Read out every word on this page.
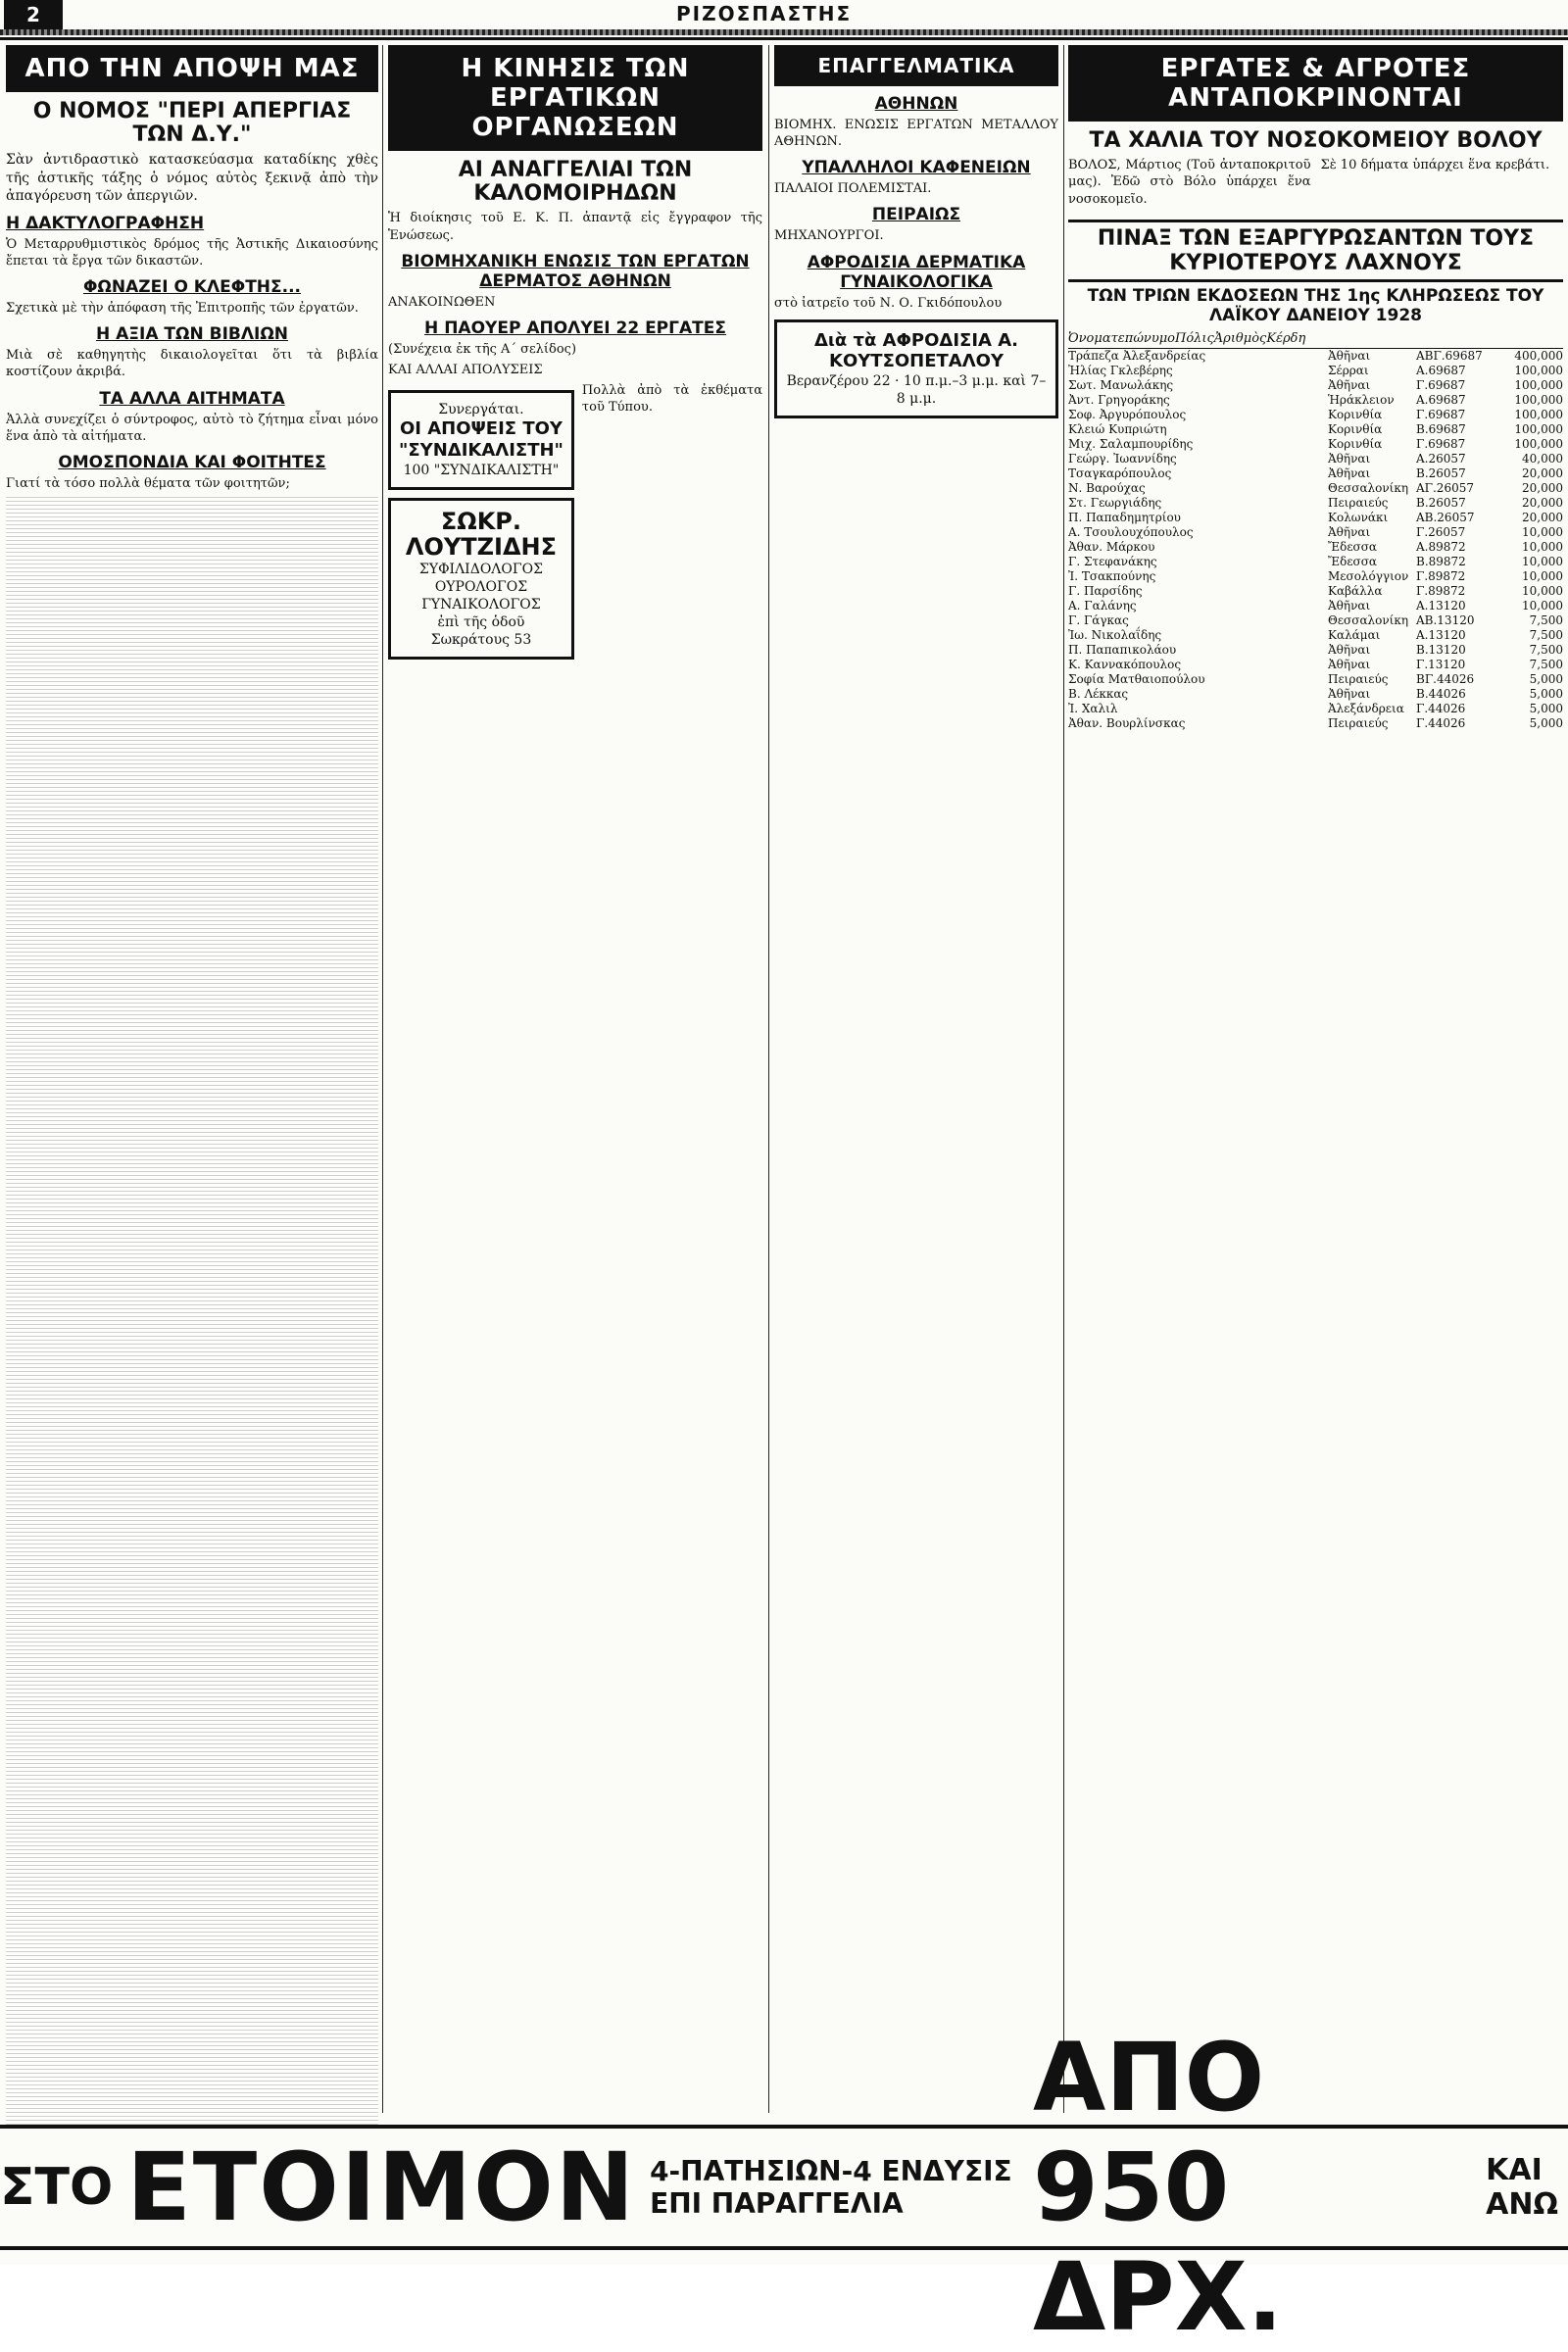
2	ΡΙΖΟΣΠΑΣΤΗΣ
ΑΠΟ ΤΗΝ ΑΠΟΨΗ ΜΑΣ
Ο ΝΟΜΟΣ "ΠΕΡΙ ΑΠΕΡΓΙΑΣ ΤΩΝ Δ.Υ."

Σὰν ἀντιδραστικὸ κατασκεύασμα καταδίκης χθὲς τῆς ἀστικῆς τάξης ὁ νόμος αὐτὸς ξεκινᾷ ἀπὸ τὴν ἀπαγόρευση τῶν ἀπεργιῶν.

Η ΔΑΚΤΥΛΟΓΡΑΦΗΣΗ

Ὁ Μεταρρυθμιστικὸς δρόμος τῆς Ἀστικῆς Δικαιοσύνης ἔπεται τὰ ἔργα τῶν δικαστῶν.

ΦΩΝΑΖΕΙ Ο ΚΛΕΦΤΗΣ...

Σχετικὰ μὲ τὴν ἀπόφαση τῆς Ἐπιτροπῆς τῶν ἐργατῶν.

Η ΑΞΙΑ ΤΩΝ ΒΙΒΛΙΩΝ

Μιὰ σὲ καθηγητὴς δικαιολογεῖται ὅτι τὰ βιβλία κοστίζουν ἀκριβά.

ΤΑ ΑΛΛΑ ΑΙΤΗΜΑΤΑ

Ἀλλὰ συνεχίζει ὁ σύντροφος, αὐτὸ τὸ ζήτημα εἶναι μόνο ἕνα ἀπὸ τὰ αἰτήματα.

ΟΜΟΣΠΟΝΔΙΑ ΚΑΙ ΦΟΙΤΗΤΕΣ

Γιατί τὰ τόσο πολλὰ θέματα τῶν φοιτητῶν;

Η ΚΙΝΗΣΙΣ ΤΩΝ ΕΡΓΑΤΙΚΩΝ ΟΡΓΑΝΩΣΕΩΝ
ΑΙ ΑΝΑΓΓΕΛΙΑΙ ΤΩΝ ΚΑΛΟΜΟΙΡΗΔΩΝ

Ἡ διοίκησις τοῦ Ε. Κ. Π. ἀπαντᾷ εἰς ἔγγραφον τῆς Ἑνώσεως.

ΒΙΟΜΗΧΑΝΙΚΗ ΕΝΩΣΙΣ ΤΩΝ ΕΡΓΑΤΩΝ ΔΕΡΜΑΤΟΣ ΑΘΗΝΩΝ

ΑΝΑΚΟΙΝΩΘΕΝ

Η ΠΑΟΥΕΡ ΑΠΟΛΥΕΙ 22 ΕΡΓΑΤΕΣ

(Συνέχεια ἐκ τῆς Α΄ σελίδος)

ΚΑΙ ΑΛΛΑΙ ΑΠΟΛΥΣΕΙΣ

Συνεργάται.
ΟΙ ΑΠΟΨΕΙΣ ΤΟΥ "ΣΥΝΔΙΚΑΛΙΣΤΗ"
100 "ΣΥΝΔΙΚΑΛΙΣΤΗ"
ΣΩΚΡ. ΛΟΥΤΖΙΔΗΣ
ΣΥΦΙΛΙΔΟΛΟΓΟΣ ΟΥΡΟΛΟΓΟΣ ΓΥΝΑΙΚΟΛΟΓΟΣ
ἐπὶ τῆς ὁδοῦ Σωκράτους 53

Πολλὰ ἀπὸ τὰ ἐκθέματα τοῦ Τύπου.

ΕΠΑΓΓΕΛΜΑΤΙΚΑ
ΑΘΗΝΩΝ

ΒΙΟΜΗΧ. ΕΝΩΣΙΣ ΕΡΓΑΤΩΝ ΜΕΤΑΛΛΟΥ ΑΘΗΝΩΝ.

ΥΠΑΛΛΗΛΟΙ ΚΑΦΕΝΕΙΩΝ

ΠΑΛΑΙΟΙ ΠΟΛΕΜΙΣΤΑΙ.

ΠΕΙΡΑΙΩΣ

ΜΗΧΑΝΟΥΡΓΟΙ.

ΑΦΡΟΔΙΣΙΑ ΔΕΡΜΑΤΙΚΑ ΓΥΝΑΙΚΟΛΟΓΙΚΑ

στὸ ἰατρεῖο τοῦ Ν. Ο. Γκιδόπουλου

Διὰ τὰ ΑΦΡΟΔΙΣΙΑ Α. ΚΟΥΤΣΟΠΕΤΑΛΟΥ
Βερανζέρου 22 · 10 π.μ.–3 μ.μ. καὶ 7–8 μ.μ.
ΕΡΓΑΤΕΣ & ΑΓΡΟΤΕΣ ΑΝΤΑΠΟΚΡΙΝΟΝΤΑΙ
ΤΑ ΧΑΛΙΑ ΤΟΥ ΝΟΣΟΚΟΜΕΙΟΥ ΒΟΛΟΥ

ΒΟΛΟΣ, Μάρτιος (Τοῦ ἀνταποκριτοῦ μας). Ἐδῶ στὸ Βόλο ὑπάρχει ἕνα νοσοκομεῖο.

Σὲ 10 δήματα ὑπάρχει ἕνα κρεβάτι.

ΠΙΝΑΞ ΤΩΝ ΕΞΑΡΓΥΡΩΣΑΝΤΩΝ ΤΟΥΣ ΚΥΡΙΟΤΕΡΟΥΣ ΛΑΧΝΟΥΣ
ΤΩΝ ΤΡΙΩΝ ΕΚΔΟΣΕΩΝ ΤΗΣ 1ης ΚΛΗΡΩΣΕΩΣ ΤΟΥ ΛΑΪΚΟΥ ΔΑΝΕΙΟΥ 1928
Ὀνοματεπώνυμο Πόλις Ἀριθμὸς Κέρδη
Τράπεζα Ἀλεξανδρείας	Ἀθῆναι	ΑΒΓ.69687	400,000
Ἠλίας Γκλεβέρης	Σέρραι	Α.69687	100,000
Σωτ. Μανωλάκης	Ἀθῆναι	Γ.69687	100,000
Ἀντ. Γρηγοράκης	Ἡράκλειον	Α.69687	100,000
Σοφ. Ἀργυρόπουλος	Κορινθία	Γ.69687	100,000
Κλειώ Κυπριώτη	Κορινθία	Β.69687	100,000
Μιχ. Σαλαμπουρίδης	Κορινθία	Γ.69687	100,000
Γεώργ. Ἰωαννίδης	Ἀθῆναι	Α.26057	40,000
Τσαγκαρόπουλος	Ἀθῆναι	Β.26057	20,000
Ν. Βαρούχας	Θεσσαλονίκη ΑΓ.26057	20,000
Στ. Γεωργιάδης	Πειραιεύς	Β.26057	20,000
Π. Παπαδημητρίου	Κολωνάκι	ΑΒ.26057	20,000
Α. Τσουλουχόπουλος	Ἀθῆναι	Γ.26057	10,000
Ἀθαν. Μάρκου	Ἔδεσσα	Α.89872	10,000
Γ. Στεφανάκης	Ἔδεσσα	Β.89872	10,000
Ἰ. Τσακπούνης	Μεσολόγγιον Γ.89872	10,000
Γ. Παρσίδης	Καβάλλα	Γ.89872	10,000
Α. Γαλάνης	Ἀθῆναι	Α.13120	10,000
Γ. Γάγκας	Θεσσαλονίκη ΑΒ.13120	7,500
Ἰω. Νικολαΐδης	Καλάμαι	Α.13120	7,500
Π. Παπαπικολάου	Ἀθῆναι	Β.13120	7,500
Κ. Καννακόπουλος	Ἀθῆναι	Γ.13120	7,500
Σοφία Ματθαιοπούλου	Πειραιεύς	ΒΓ.44026	5,000
Β. Λέκκας	Ἀθῆναι	Β.44026	5,000
Ἰ. Χαλιλ	Ἀλεξάνδρεια	Γ.44026	5,000
Ἀθαν. Βουρλίνσκας	Πειραιεύς	Γ.44026	5,000
ΣΤΟ ΕΤΟΙΜΟΝ 4-ΠΑΤΗΣΙΩΝ-4 ΕΝΔΥΣΙΣ ΕΠΙ ΠΑΡΑΓΓΕΛΙΑ
ΑΠΟ 950 ΔΡΧ.
ΚΑΙ ΑΝΩ
